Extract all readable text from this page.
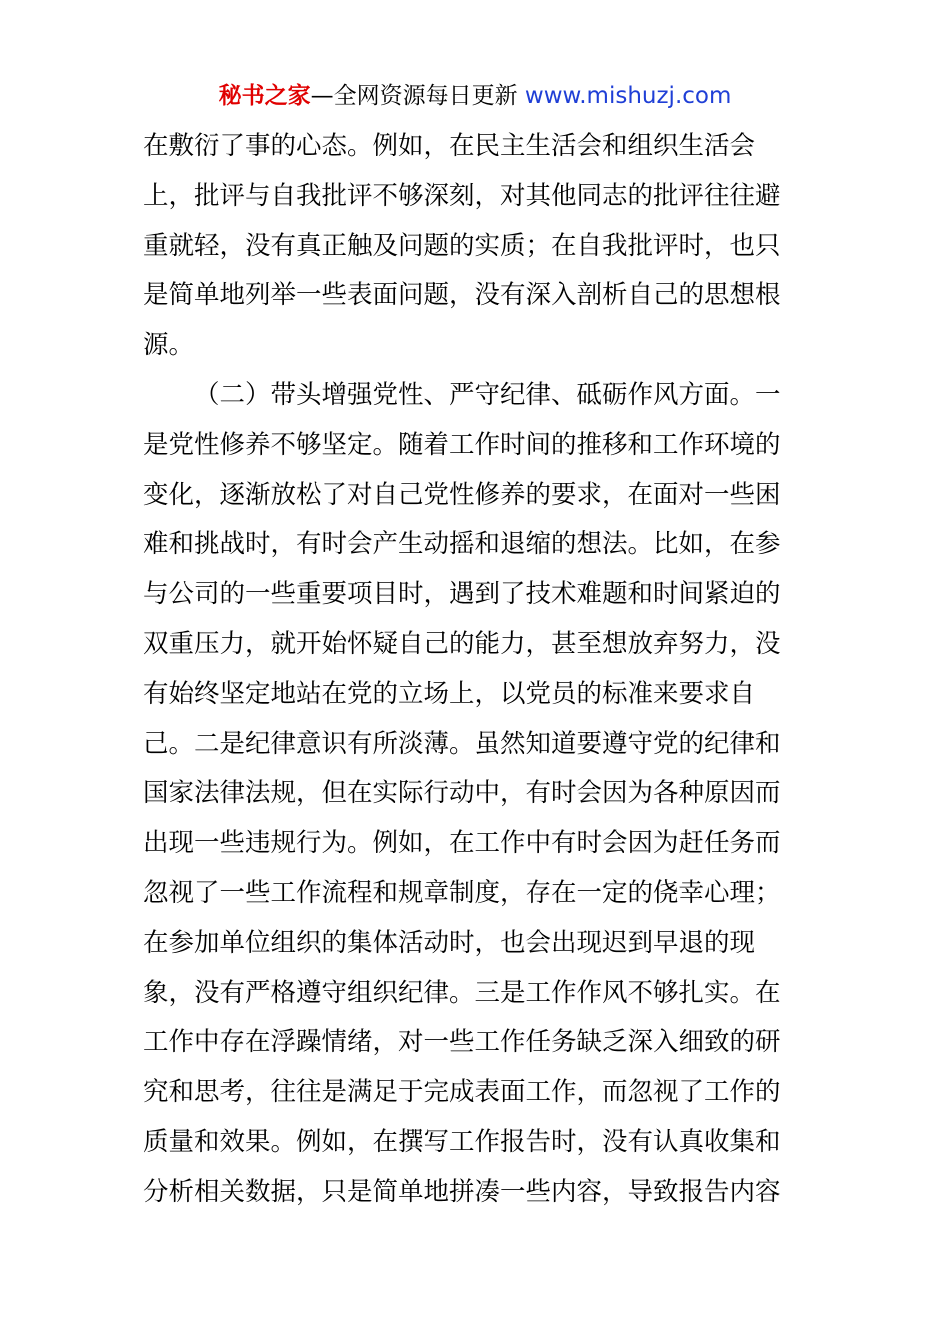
秘书之家—全网资源每日更新 www.mishuzj.com
在敷衍了事的心态。例如，在民主生活会和组织生活会
上，批评与自我批评不够深刻，对其他同志的批评往往避
重就轻，没有真正触及问题的实质；在自我批评时，也只
是简单地列举一些表面问题，没有深入剖析自己的思想根
源。
（二）带头增强党性、严守纪律、砥砺作风方面。一
是党性修养不够坚定。随着工作时间的推移和工作环境的
变化，逐渐放松了对自己党性修养的要求，在面对一些困
难和挑战时，有时会产生动摇和退缩的想法。比如，在参
与公司的一些重要项目时，遇到了技术难题和时间紧迫的
双重压力，就开始怀疑自己的能力，甚至想放弃努力，没
有始终坚定地站在党的立场上，以党员的标准来要求自
己。二是纪律意识有所淡薄。虽然知道要遵守党的纪律和
国家法律法规，但在实际行动中，有时会因为各种原因而
出现一些违规行为。例如，在工作中有时会因为赶任务而
忽视了一些工作流程和规章制度，存在一定的侥幸心理；
在参加单位组织的集体活动时，也会出现迟到早退的现
象，没有严格遵守组织纪律。三是工作作风不够扎实。在
工作中存在浮躁情绪，对一些工作任务缺乏深入细致的研
究和思考，往往是满足于完成表面工作，而忽视了工作的
质量和效果。例如，在撰写工作报告时，没有认真收集和
分析相关数据，只是简单地拼凑一些内容，导致报告内容
